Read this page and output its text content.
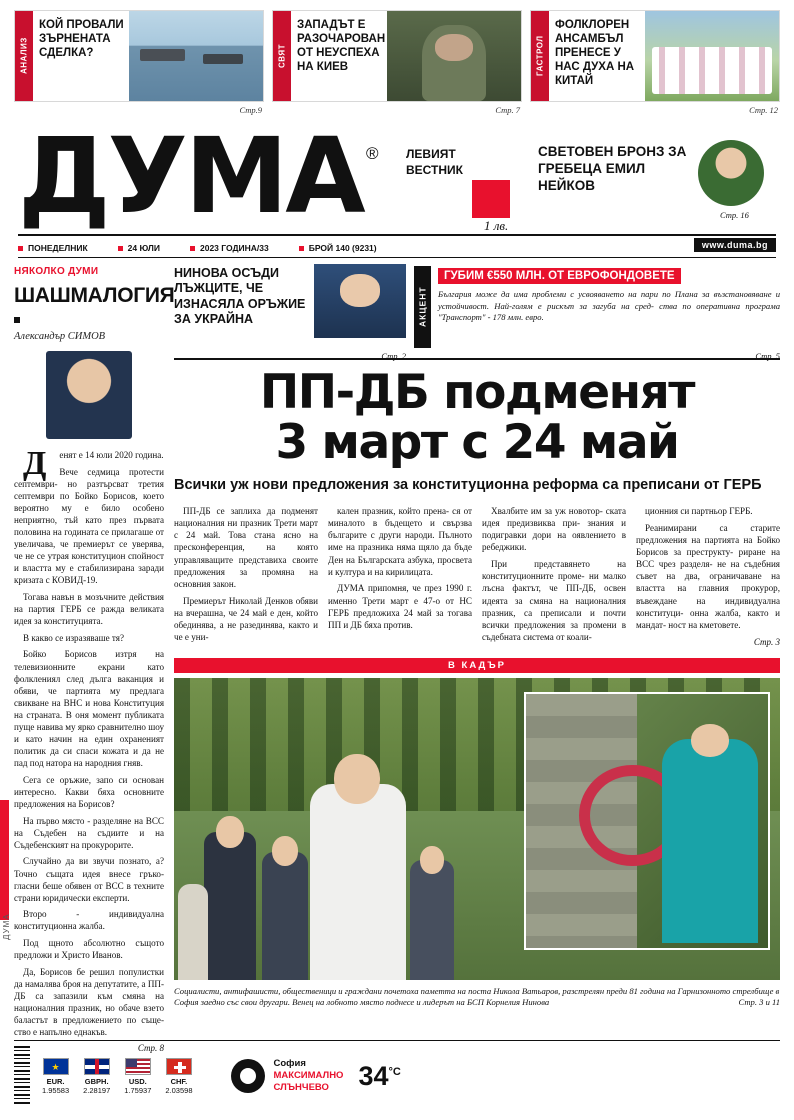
АНАЛИЗ
КОЙ ПРОВАЛИ ЗЪРНЕНАТА СДЕЛКА?
Стр.9
СВЯТ
ЗАПАДЪТ Е РАЗОЧАРОВАН ОТ НЕУСПЕХА НА КИЕВ
Стр. 7
ГАСТРОЛ
ФОЛКЛОРЕН АНСАМБЪЛ ПРЕНЕСЕ У НАС ДУХА НА КИТАЙ
Стр. 12
ДУМА ® ЛЕВИЯТ
ВЕСТНИК
СВЕТОВЕН БРОНЗ ЗА ГРЕБЕЦА ЕМИЛ НЕЙКОВ
Стр. 16
1 лв.
ПОНЕДЕЛНИК	24 ЮЛИ	2023 ГОДИНА/33	БРОЙ 140 (9231)	www.duma.bg
НЯКОЛКО ДУМИ
ШАШМАЛОГИЯ
Александър СИМОВ

Д	енят е 14 юли 2020 година.

Вече седмица протести септември- но разтърсват третия септември по Бойко Борисов, което вероятно му е било особено неприятно, тъй като през първата половина на годината се прилагаше от увеличава, че премиерът се уверява, че не се утрая конституцион спойност и властта му е стабилизирана заради кризата с КОВИД-19.

Тогава навън в мозъчните действия на партия ГЕРБ се ражда великата идея за конституцията.

В какво се изразяваше тя?

Бойко Борисов изтря на телевизионните екрани като фолклениял след дълга ваканция и обяви, че партията му предлага свикване на ВНС и нова Конституция на страната. В оня момент публиката пуще навива му ярко сравнително шоу и като начин на един охраненият политик да си спаси кожата и да не пад под натора на народния гняв.

Сега се оръжие, запо си основан интересно. Какви бяха основните предложения на Борисов?

На първо място - разделяне на ВСС на Съдебен на съдиите и на Съдебенският на прокурорите.

Случайно да ви звучи познато, а? Точно същата идея внесе гръко- гласни беше обявен от ВСС в техните страни юридически експерти.

Второ - индивидуална конституционна жалба.

Под щното абсолютно същото предложи и Христо Иванов.

Да, Борисов бе решил популистки да намалява броя на депутатите, а ПП-ДБ са запазили към смяна на националния празник, но обаче взето баластът в предложението по съще- ство е напълно еднакъв.

Стр. 8
НИНОВА ОСЪДИ ЛЪЖЦИТЕ, ЧЕ ИЗНАСЯЛА ОРЪЖИЕ ЗА УКРАЙНА
Стр. 2
АКЦЕНТ
ГУБИМ €550 МЛН. ОТ ЕВРОФОНДОВЕТЕ
България може да има проблеми с усвояването на пари по Плана за възстановяване и устойчивост. Най-голям е рискът за загуба на сред- ства по оперативна програма "Транспорт" - 178 млн. евро.
Стр. 5
ПП-ДБ подменят
3 март с 24 май
Всички уж нови предложения за конституционна реформа са преписани от ГЕРБ

ПП-ДБ се заплиха да подменят националния ни празник Трети март с 24 май. Това стана ясно на пресконференция, на която управляващите представиха своите предложения за промяна на основния закон.

Премиерът Николай Денков обяви на вчерашна, че 24 май е ден, който обединява, а не разединява, както и че е уни-

кален празник, който прена- ся от миналото в бъдещето и свързва българите с други народи. Пълното име на празника няма щяло да бъде Ден на Българската азбука, просвета и култура и на кирилицата.

ДУМА припомня, че през 1990 г. именно Трети март е 47-о от НС ГЕРБ предложиха 24 май за тогава ПП и ДБ бяха против.

Хвалбите им за уж новотор- ската идея предизвиква при- знания и подигравки дори на оявлението в ребеджики.

При представянето на конституционните проме- ни малко лъсна фактът, че ПП-ДБ, освен идеята за смяна на националния празник, са преписали и почти всички предложения за промени в съдебната система от коали-

ционния си партньор ГЕРБ.

Реанимирани са старите предложения на партията на Бойко Борисов за преструкту- риране на ВСС чрез разделя- не на съдебния съвет на два, ограничаване на властта на главния прокурор, въвеждане на индивидуална конституци- онна жалба, както и мандат- ност на кметовете.

Стр. 3
В КАДЪР
Социалисти, антифашисти, общественици и граждани почетоха паметта на поста Никола Ватьаров, разстрелян преди 81 година на Гарнизонното стрелбище в София заедно със свои другари. Венец на лобното място поднесе и лидерът на БСП Корнелия Нинова	Стр. 3 и 11
ДУМА
★
EUR.
1.95583
GBPH.
2.28197
USD.
1.75937
CHF.
2.03598
София
МАКСИМАЛНО
СЛЪНЧЕВО	$34^{^\circ C}$
